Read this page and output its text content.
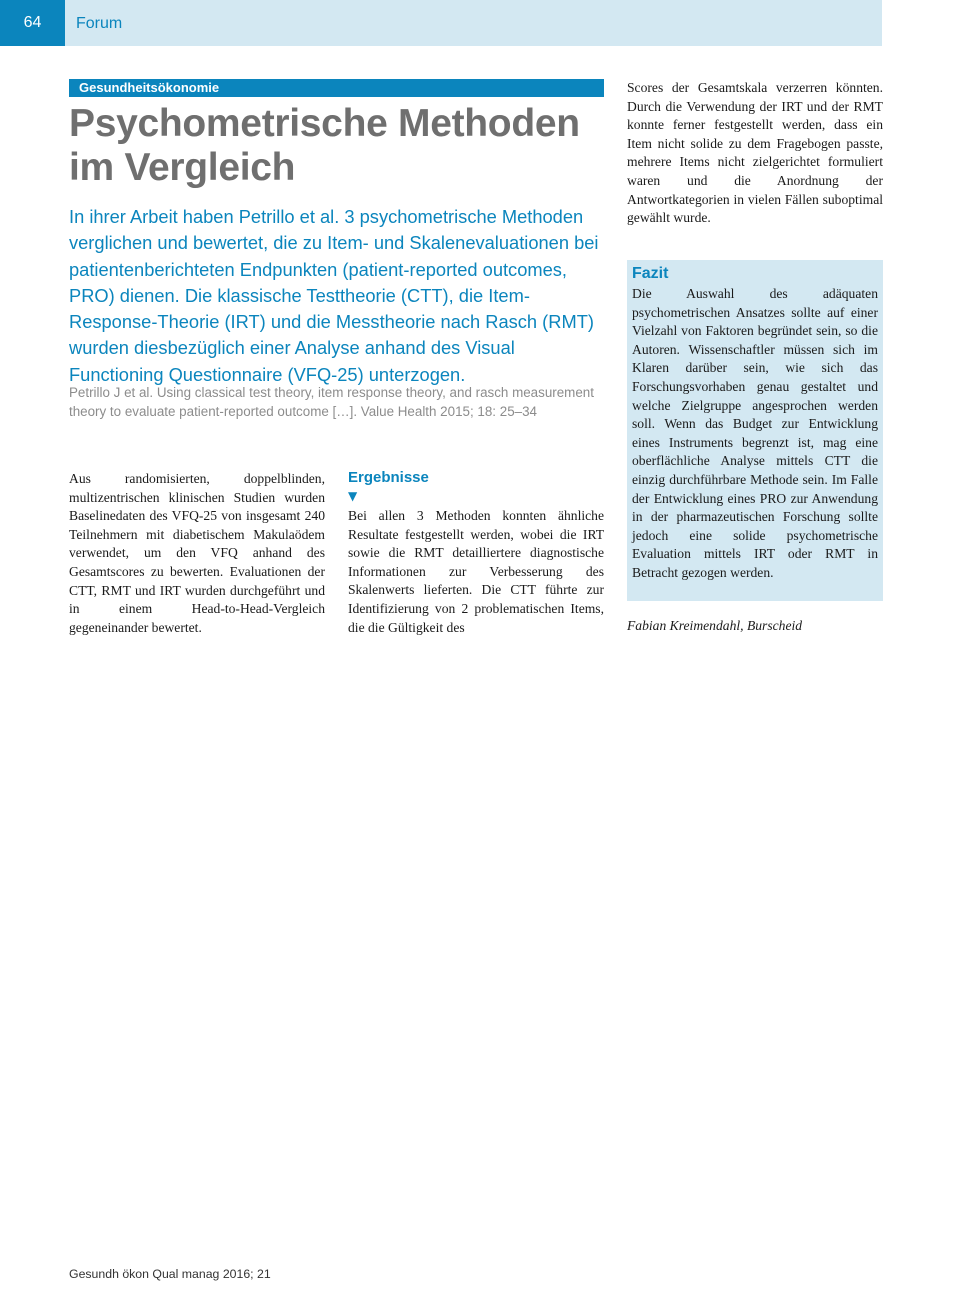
64	Forum
Gesundheitsökonomie
Psychometrische Methoden im Vergleich

In ihrer Arbeit haben Petrillo et al. 3 psychometrische Methoden verglichen und bewertet, die zu Item- und Skalenevaluationen bei patientenberichteten Endpunkten (patient-reported outcomes, PRO) dienen. Die klassische Testtheorie (CTT), die Item-Response-Theorie (IRT) und die Messtheorie nach Rasch (RMT) wurden diesbezüglich einer Analyse anhand des Visual Functioning Questionnaire (VFQ-25) unterzogen.

Petrillo J et al. Using classical test theory, item response theory, and rasch measurement theory to evaluate patient-reported outcome […]. Value Health 2015; 18: 25–34

Aus randomisierten, doppelblinden, multizentrischen klinischen Studien wurden Baselinedaten des VFQ-25 von insgesamt 240 Teilnehmern mit diabetischem Makulaödem verwendet, um den VFQ anhand des Gesamtscores zu bewerten. Evaluationen der CTT, RMT und IRT wurden durchgeführt und in einem Head-to-Head-Vergleich gegeneinander bewertet.

Ergebnisse
▼

Bei allen 3 Methoden konnten ähnliche Resultate festgestellt werden, wobei die IRT sowie die RMT detailliertere diagnostische Informationen zur Verbesserung des Skalenwerts lieferten. Die CTT führte zur Identifizierung von 2 problematischen Items, die die Gültigkeit des

Scores der Gesamtskala verzerren könnten. Durch die Verwendung der IRT und der RMT konnte ferner festgestellt werden, dass ein Item nicht solide zu dem Fragebogen passte, mehrere Items nicht zielgerichtet formuliert waren und die Anordnung der Antwortkategorien in vielen Fällen suboptimal gewählt wurde.

Fazit

Die Auswahl des adäquaten psychometrischen Ansatzes sollte auf einer Vielzahl von Faktoren begründet sein, so die Autoren. Wissenschaftler müssen sich im Klaren darüber sein, wie sich das Forschungsvorhaben genau gestaltet und welche Zielgruppe angesprochen werden soll. Wenn das Budget zur Entwicklung eines Instruments begrenzt ist, mag eine oberflächliche Analyse mittels CTT die einzig durchführbare Methode sein. Im Falle der Entwicklung eines PRO zur Anwendung in der pharmazeutischen Forschung sollte jedoch eine solide psychometrische Evaluation mittels IRT oder RMT in Betracht gezogen werden.

Fabian Kreimendahl, Burscheid
Gesundh ökon Qual manag 2016; 21
